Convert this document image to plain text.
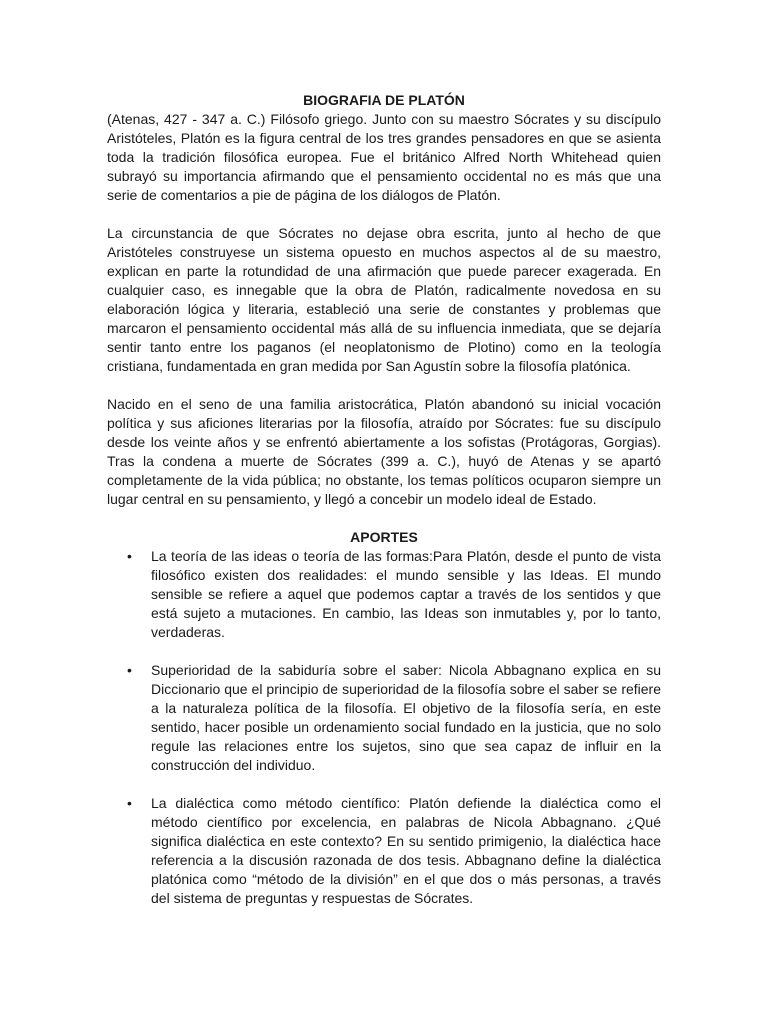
BIOGRAFIA DE PLATÓN

(Atenas, 427 - 347 a. C.) Filósofo griego. Junto con su maestro Sócrates y su discípulo Aristóteles, Platón es la figura central de los tres grandes pensadores en que se asienta toda la tradición filosófica europea. Fue el británico Alfred North Whitehead quien subrayó su importancia afirmando que el pensamiento occidental no es más que una serie de comentarios a pie de página de los diálogos de Platón.

La circunstancia de que Sócrates no dejase obra escrita, junto al hecho de que Aristóteles construyese un sistema opuesto en muchos aspectos al de su maestro, explican en parte la rotundidad de una afirmación que puede parecer exagerada. En cualquier caso, es innegable que la obra de Platón, radicalmente novedosa en su elaboración lógica y literaria, estableció una serie de constantes y problemas que marcaron el pensamiento occidental más allá de su influencia inmediata, que se dejaría sentir tanto entre los paganos (el neoplatonismo de Plotino) como en la teología cristiana, fundamentada en gran medida por San Agustín sobre la filosofía platónica.

Nacido en el seno de una familia aristocrática, Platón abandonó su inicial vocación política y sus aficiones literarias por la filosofía, atraído por Sócrates: fue su discípulo desde los veinte años y se enfrentó abiertamente a los sofistas (Protágoras, Gorgias). Tras la condena a muerte de Sócrates (399 a. C.), huyó de Atenas y se apartó completamente de la vida pública; no obstante, los temas políticos ocuparon siempre un lugar central en su pensamiento, y llegó a concebir un modelo ideal de Estado.

APORTES
• La teoría de las ideas o teoría de las formas:Para Platón, desde el punto de vista filosófico existen dos realidades: el mundo sensible y las Ideas. El mundo sensible se refiere a aquel que podemos captar a través de los sentidos y que está sujeto a mutaciones. En cambio, las Ideas son inmutables y, por lo tanto, verdaderas.
• Superioridad de la sabiduría sobre el saber: Nicola Abbagnano explica en su Diccionario que el principio de superioridad de la filosofía sobre el saber se refiere a la naturaleza política de la filosofía. El objetivo de la filosofía sería, en este sentido, hacer posible un ordenamiento social fundado en la justicia, que no solo regule las relaciones entre los sujetos, sino que sea capaz de influir en la construcción del individuo.
• La dialéctica como método científico: Platón defiende la dialéctica como el método científico por excelencia, en palabras de Nicola Abbagnano. ¿Qué significa dialéctica en este contexto? En su sentido primigenio, la dialéctica hace referencia a la discusión razonada de dos tesis. Abbagnano define la dialéctica platónica como “método de la división” en el que dos o más personas, a través del sistema de preguntas y respuestas de Sócrates.
